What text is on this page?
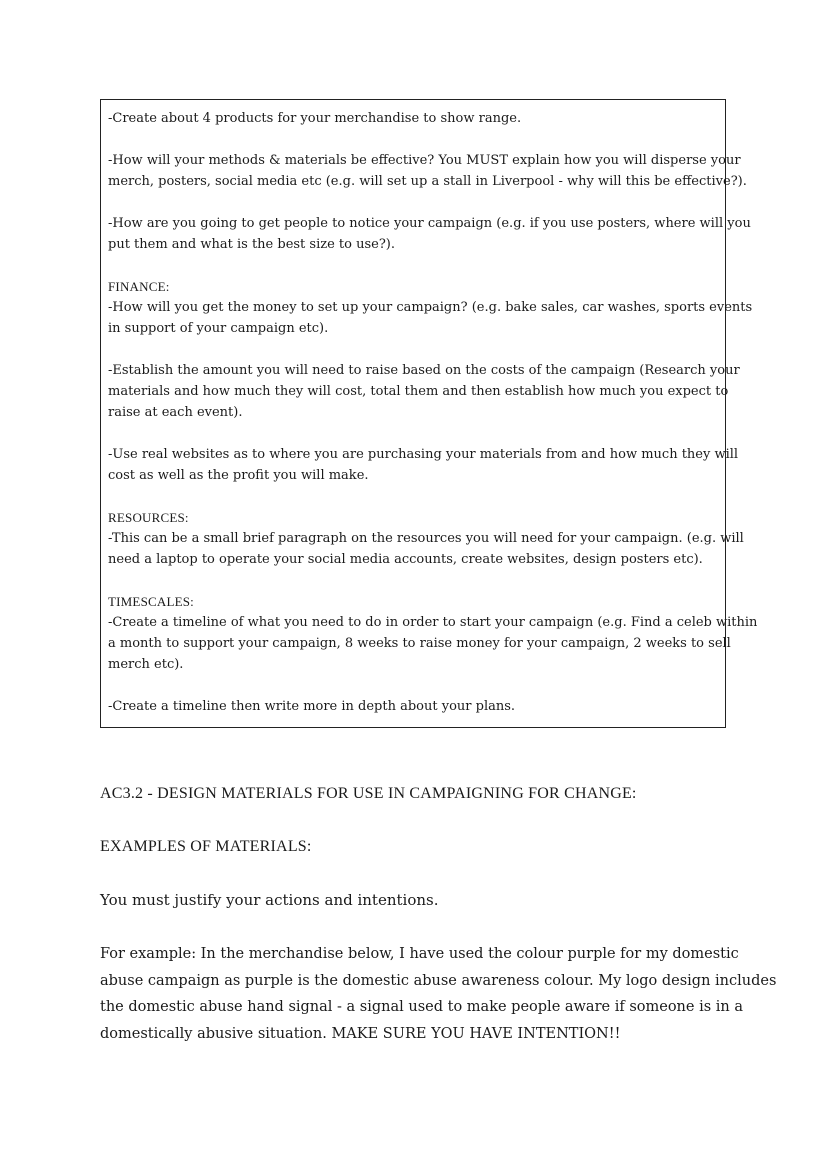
-Create about 4 products for your merchandise to show range.

-How will your methods & materials be effective? You MUST explain how you will disperse your

merch, posters, social media etc (e.g. will set up a stall in Liverpool - why will this be effective?).

-How are you going to get people to notice your campaign (e.g. if you use posters, where will you

put them and what is the best size to use?).

FINANCE:

-How will you get the money to set up your campaign? (e.g. bake sales, car washes, sports events

in support of your campaign etc).

-Establish the amount you will need to raise based on the costs of the campaign (Research your

materials and how much they will cost, total them and then establish how much you expect to

raise at each event).

-Use real websites as to where you are purchasing your materials from and how much they will

cost as well as the profit you will make.

RESOURCES:

-This can be a small brief paragraph on the resources you will need for your campaign. (e.g. will

need a laptop to operate your social media accounts, create websites, design posters etc).

TIMESCALES:

-Create a timeline of what you need to do in order to start your campaign (e.g. Find a celeb within

a month to support your campaign, 8 weeks to raise money for your campaign, 2 weeks to sell

merch etc).

-Create a timeline then write more in depth about your plans.

AC3.2 - DESIGN MATERIALS FOR USE IN CAMPAIGNING FOR CHANGE:

EXAMPLES OF MATERIALS:

You must justify your actions and intentions.

For example: In the merchandise below, I have used the colour purple for my domestic
abuse campaign as purple is the domestic abuse awareness colour. My logo design includes
the domestic abuse hand signal - a signal used to make people aware if someone is in a
domestically abusive situation. MAKE SURE YOU HAVE INTENTION!!
